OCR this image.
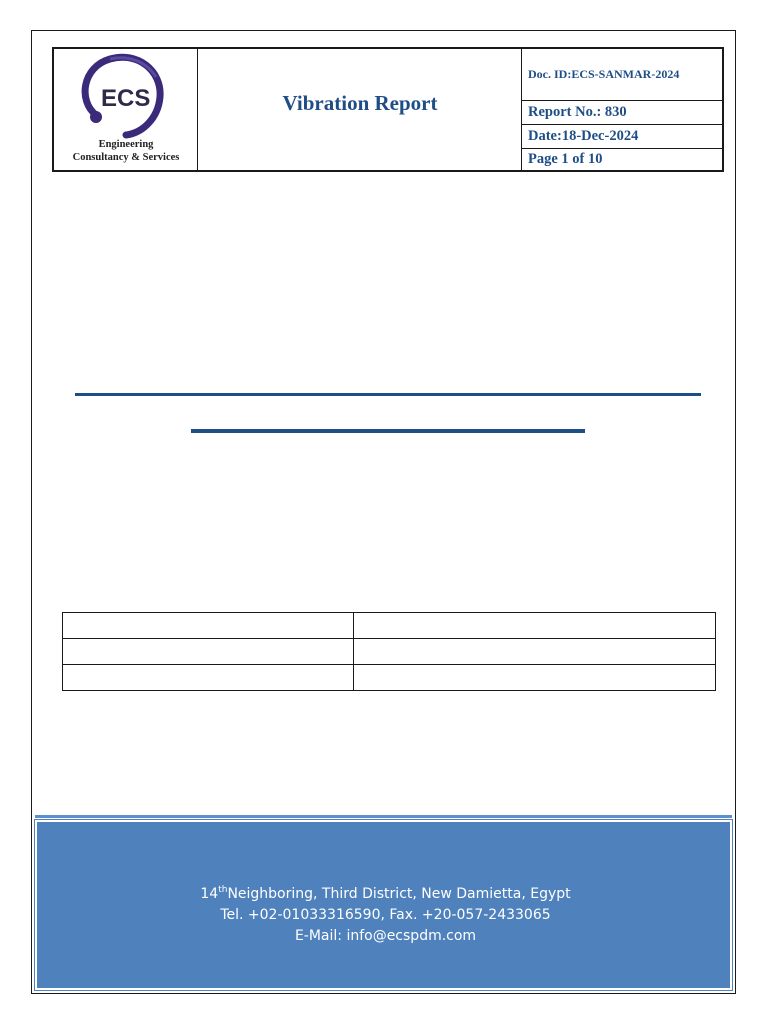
ECS
Engineering
Consultancy & Services
Vibration Report
Doc. ID:ECS-SANMAR-2024
Report No.: 830
Date:18-Dec-2024
Page 1 of 10

14thNeighboring, Third District, New Damietta, Egypt
Tel. +02-01033316590, Fax. +20-057-2433065
E-Mail: info@ecspdm.com
